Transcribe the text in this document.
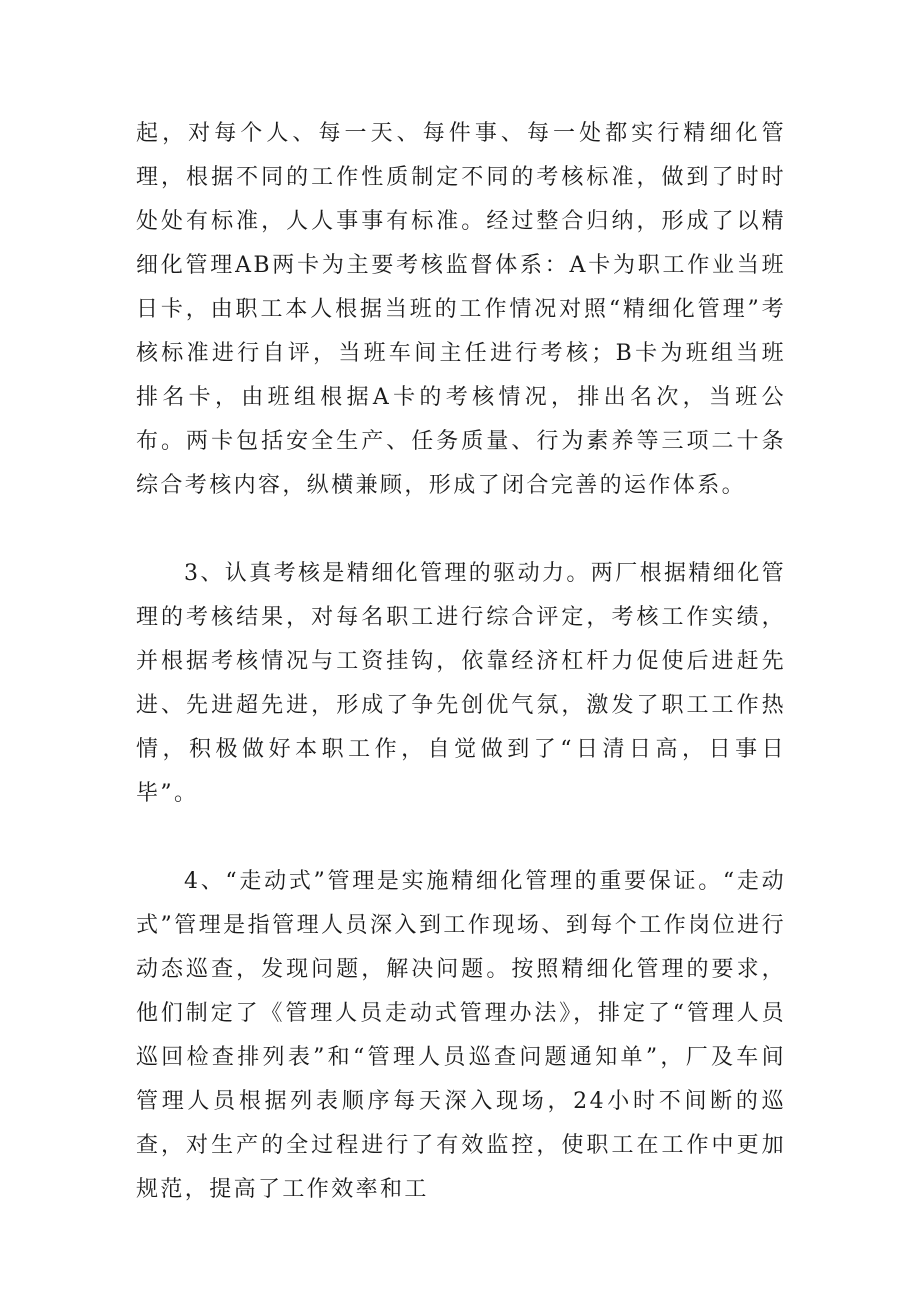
起，对每个人、每一天、每件事、每一处都实行精细化管理，根据不同的工作性质制定不同的考核标准，做到了时时处处有标准，人人事事有标准。经过整合归纳，形成了以精细化管理AB两卡为主要考核监督体系：A卡为职工作业当班日卡，由职工本人根据当班的工作情况对照“精细化管理”考核标准进行自评，当班车间主任进行考核；B卡为班组当班排名卡，由班组根据A卡的考核情况，排出名次，当班公布。两卡包括安全生产、任务质量、行为素养等三项二十条综合考核内容，纵横兼顾，形成了闭合完善的运作体系。

3、认真考核是精细化管理的驱动力。两厂根据精细化管理的考核结果，对每名职工进行综合评定，考核工作实绩，并根据考核情况与工资挂钩，依靠经济杠杆力促使后进赶先进、先进超先进，形成了争先创优气氛，激发了职工工作热情，积极做好本职工作，自觉做到了“日清日高，日事日毕”。

4、“走动式”管理是实施精细化管理的重要保证。“走动式”管理是指管理人员深入到工作现场、到每个工作岗位进行动态巡查，发现问题，解决问题。按照精细化管理的要求，他们制定了《管理人员走动式管理办法》，排定了“管理人员巡回检查排列表”和“管理人员巡查问题通知单”，厂及车间管理人员根据列表顺序每天深入现场，24小时不间断的巡查，对生产的全过程进行了有效监控，使职工在工作中更加规范，提高了工作效率和工
